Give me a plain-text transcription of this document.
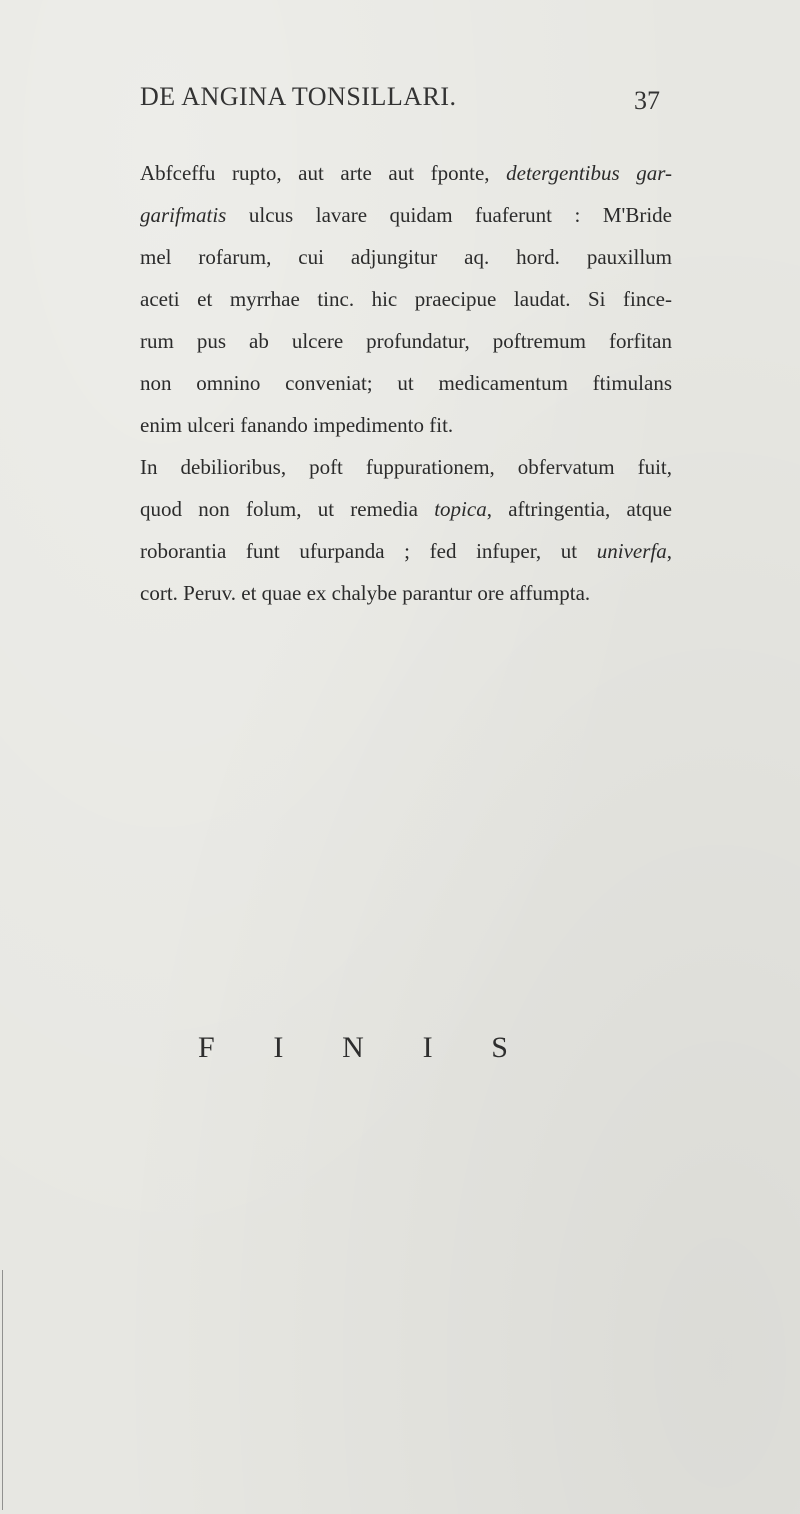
DE ANGINA TONSILLARI.	37
Abfceffu rupto, aut arte aut fponte, detergentibus gar-
garifmatis ulcus lavare quidam fuaferunt : M'Bride
mel rofarum, cui adjungitur aq. hord. pauxillum
aceti et myrrhae tinc. hic praecipue laudat. Si fince-
rum pus ab ulcere profundatur, poftremum forfitan
non omnino conveniat; ut medicamentum ftimulans
enim ulceri fanando impedimento fit.
In debilioribus, poft fuppurationem, obfervatum fuit,
quod non folum, ut remedia topica, aftringentia, atque
roborantia funt ufurpanda ; fed infuper, ut univerfa,
cort. Peruv. et quae ex chalybe parantur ore affumpta.
F I N I S
